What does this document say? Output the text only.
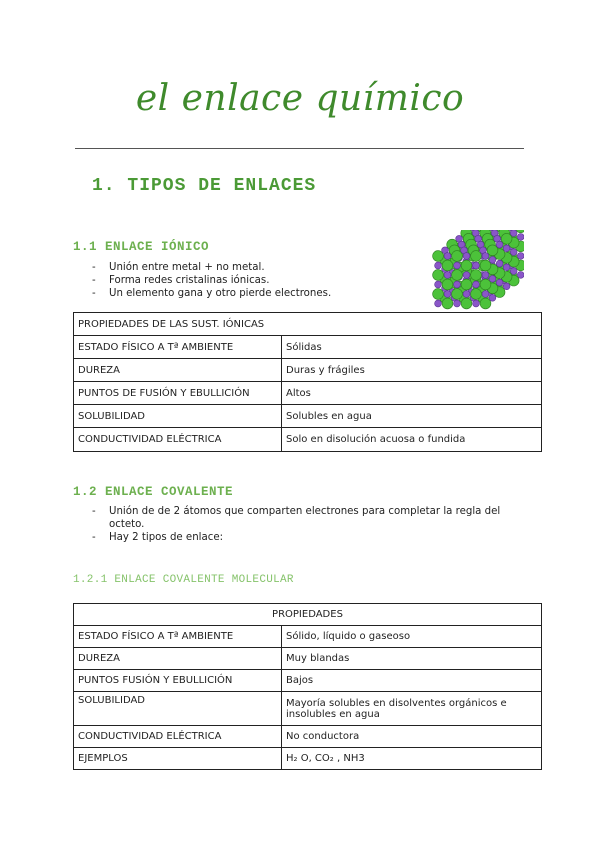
el enlace químico
1. TIPOS DE ENLACES
1.1 ENLACE IÓNICO
- Unión entre metal + no metal.
- Forma redes cristalinas iónicas.
- Un elemento gana y otro pierde electrones.
PROPIEDADES DE LAS SUST. IÓNICAS	
ESTADO FÍSICO A Tª AMBIENTE	Sólidas
DUREZA	Duras y frágiles
PUNTOS DE FUSIÓN Y EBULLICIÓN	Altos
SOLUBILIDAD	Solubles en agua
CONDUCTIVIDAD ELÉCTRICA	Solo en disolución acuosa o fundida
1.2 ENLACE COVALENTE
- Unión de de 2 átomos que comparten electrones para completar la regla del octeto.
- Hay 2 tipos de enlace:
1.2.1 ENLACE COVALENTE MOLECULAR
PROPIEDADES	
ESTADO FÍSICO A Tª AMBIENTE	Sólido, líquido o gaseoso
DUREZA	Muy blandas
PUNTOS FUSIÓN Y EBULLICIÓN	Bajos
SOLUBILIDAD	Mayoría solubles en disolventes orgánicos e insolubles en agua
CONDUCTIVIDAD ELÉCTRICA	No conductora
EJEMPLOS	H₂ O, CO₂ , NH3
